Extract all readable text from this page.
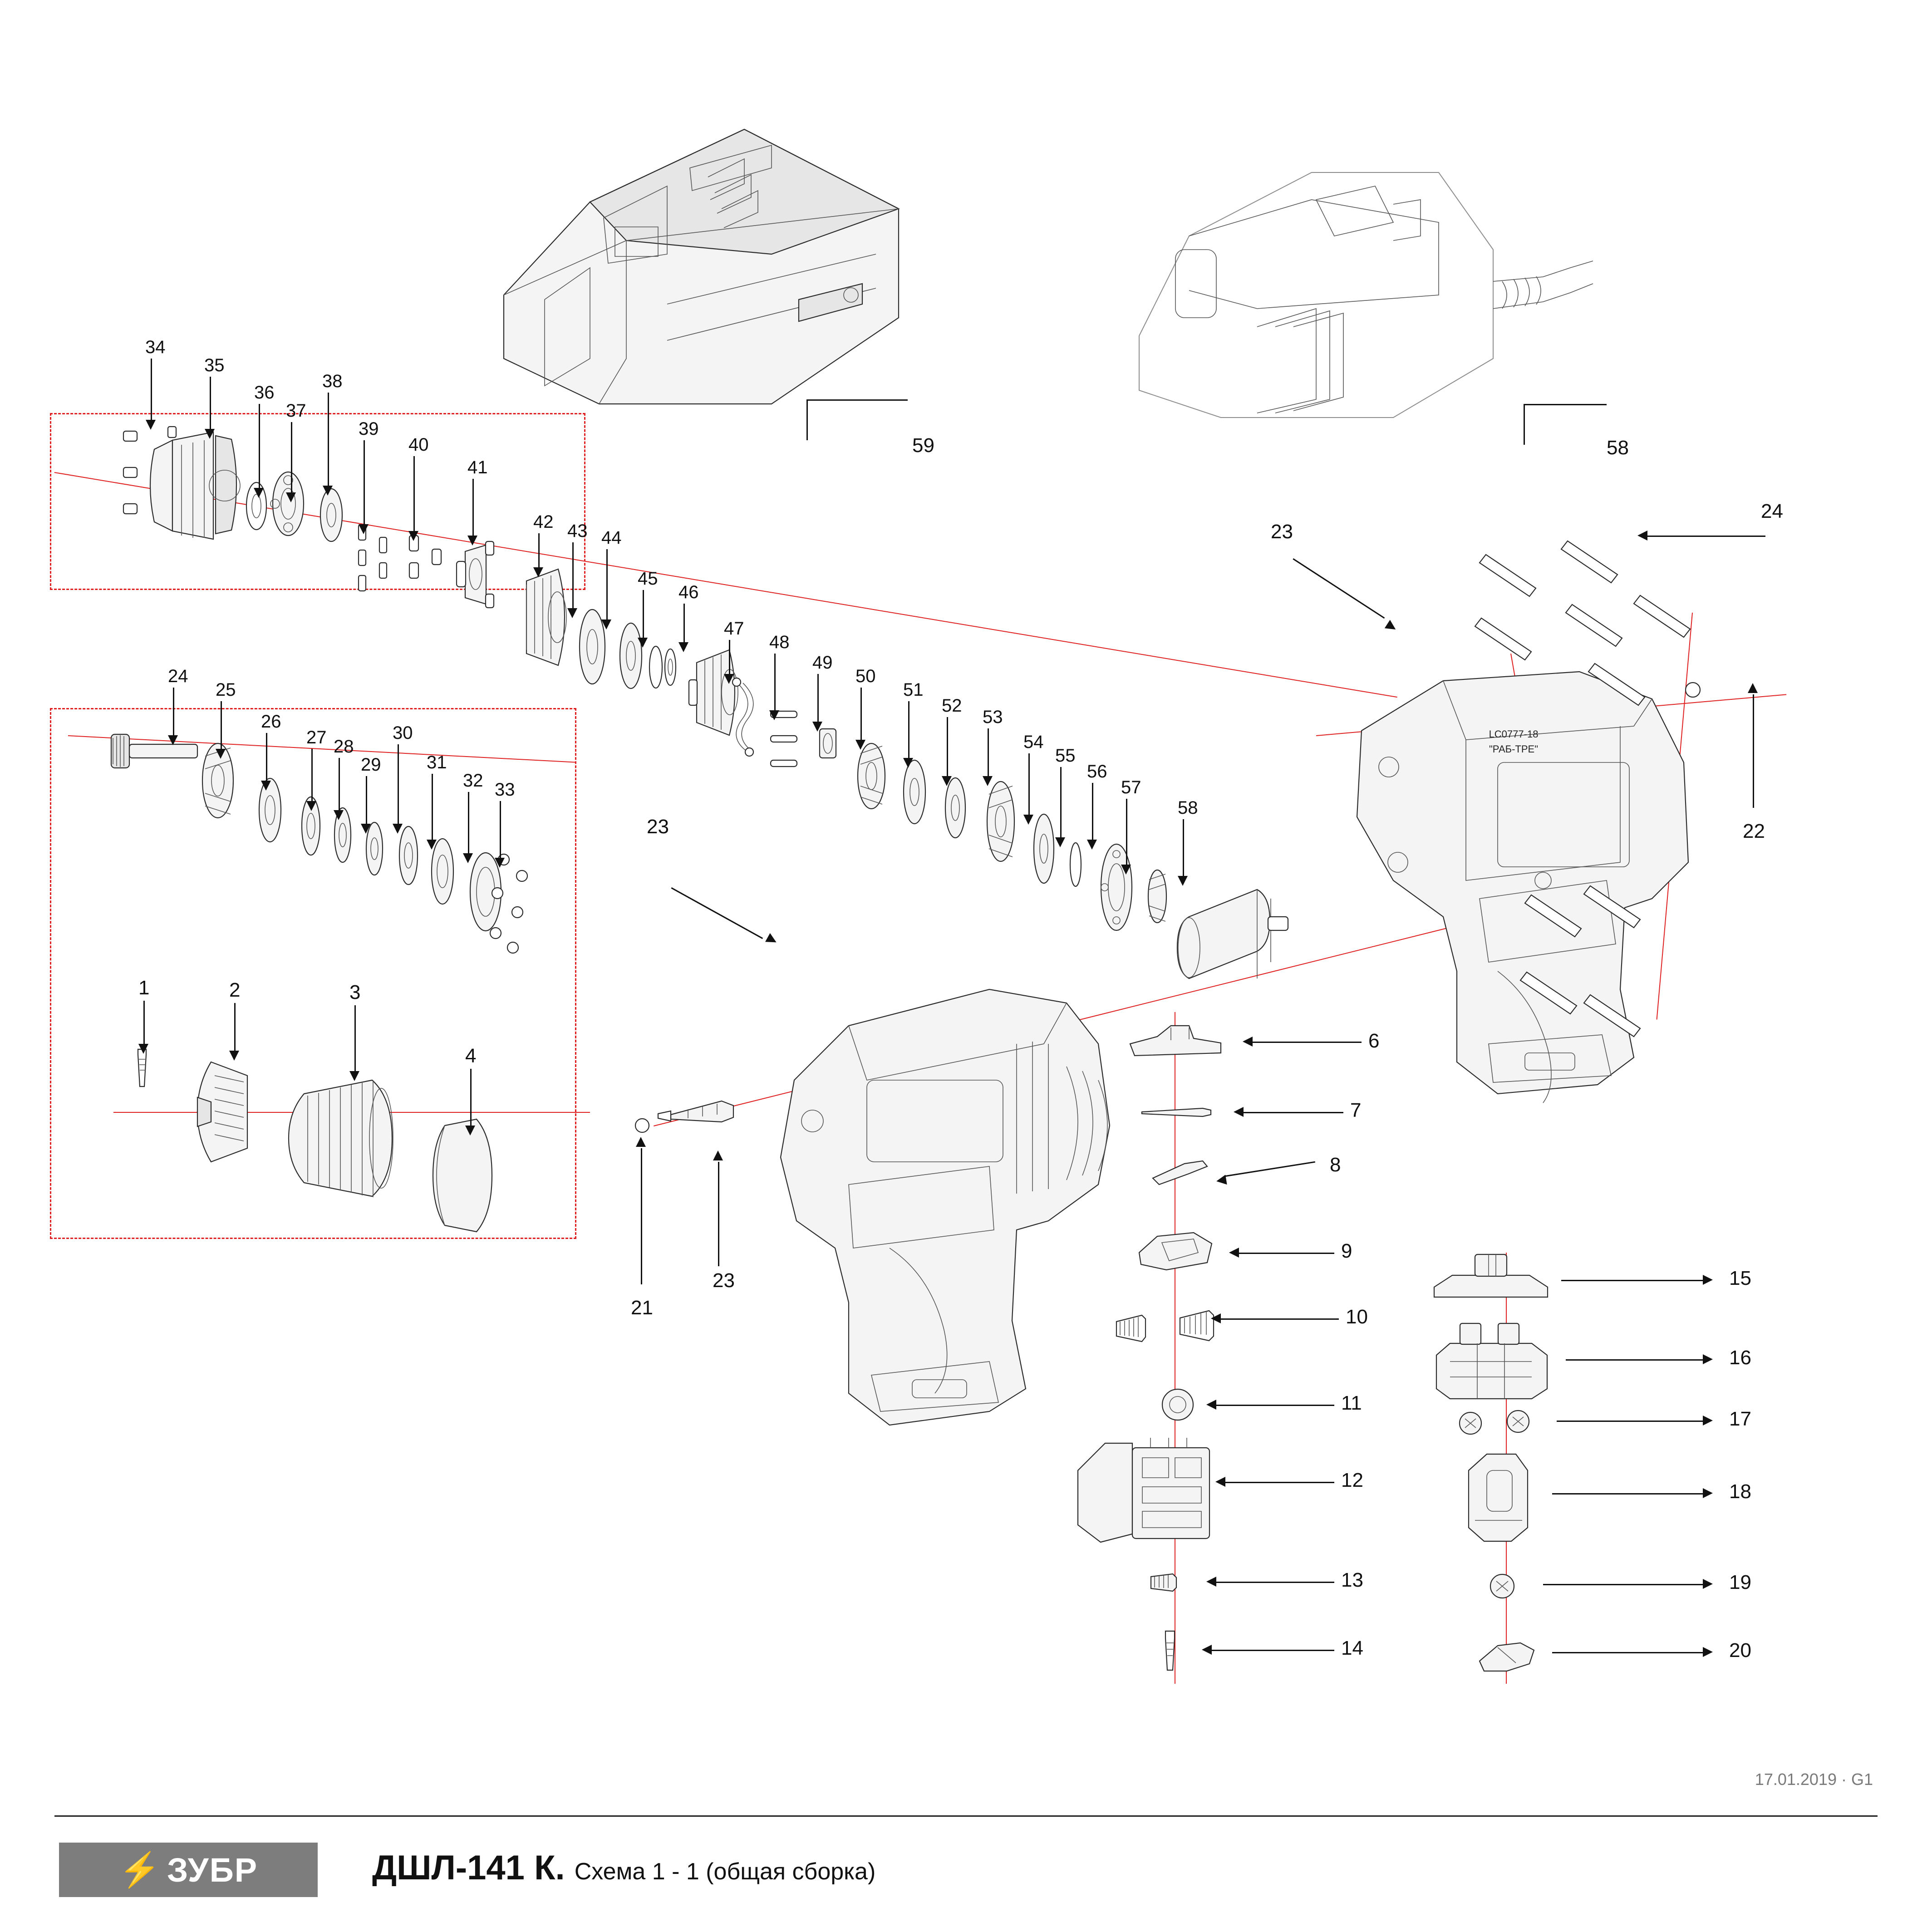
59	58
34
35
36
37
38
39
40
41
42 43 44
45
46
47
48
49
50
51
52
53
54
55
56
57
58
24
25
26
27 28
29
30
31
32 33
1	2	3
4
23
23
21
LC0777-18
"РАБ-ТРЕ"
23
24
22
6
7
8
9
10
11
12
13
14
15
16
17
18
19
20
17.01.2019 · G1
⚡ ЗУБР	ДШЛ-141 К. Схема 1 - 1 (общая сборка)
